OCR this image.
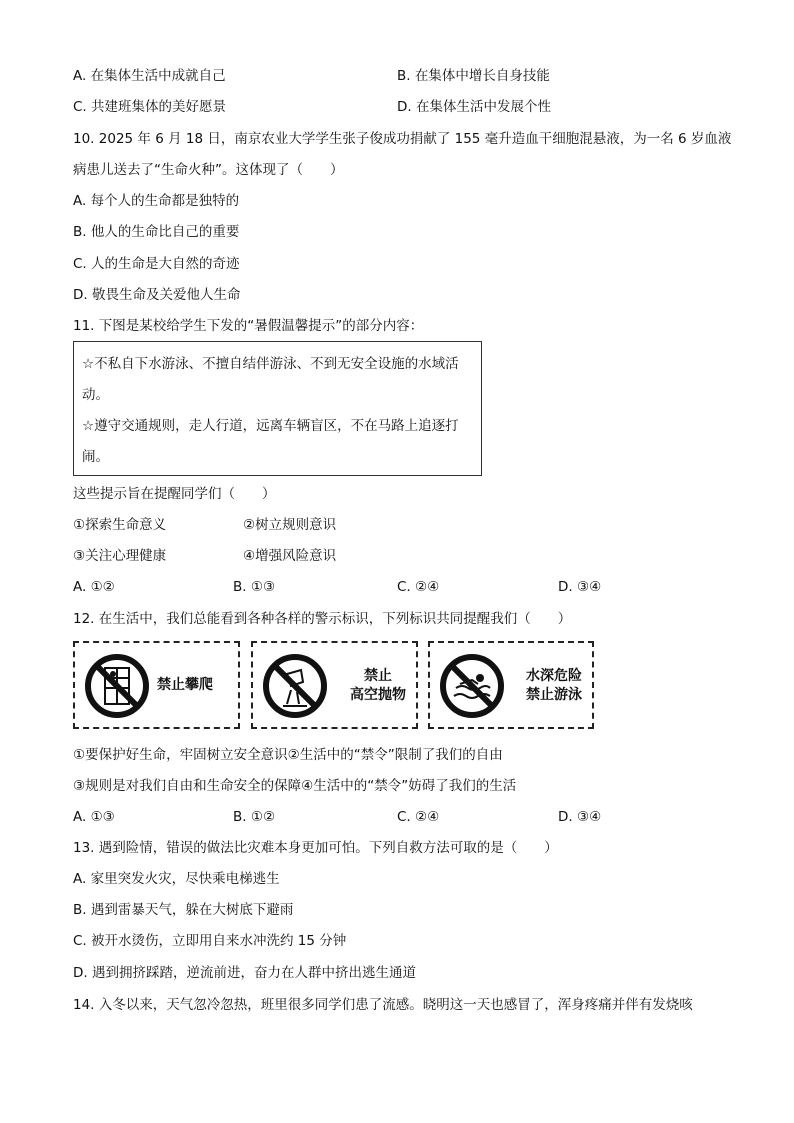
A. 在集体生活中成就自己	B. 在集体中增长自身技能
C. 共建班集体的美好愿景	D. 在集体生活中发展个性
10. 2025 年 6 月 18 日，南京农业大学学生张子俊成功捐献了 155 毫升造血干细胞混悬液，为一名 6 岁血液
病患儿送去了“生命火种”。这体现了（　　）
A. 每个人的生命都是独特的
B. 他人的生命比自己的重要
C. 人的生命是大自然的奇迹
D. 敬畏生命及关爱他人生命
11. 下图是某校给学生下发的“暑假温馨提示”的部分内容：
☆不私自下水游泳、不擅自结伴游泳、不到无安全设施的水域活
动。
☆遵守交通规则，走人行道，远离车辆盲区，不在马路上追逐打
闹。
这些提示旨在提醒同学们（　　）
①探索生命意义	②树立规则意识
③关注心理健康	④增强风险意识
A. ①②	B. ①③	C. ②④	D. ③④
12. 在生活中，我们总能看到各种各样的警示标识，下列标识共同提醒我们（　　）
禁止攀爬
禁止
高空抛物
水深危险
禁止游泳
①要保护好生命，牢固树立安全意识②生活中的“禁令”限制了我们的自由
③规则是对我们自由和生命安全的保障④生活中的“禁令”妨碍了我们的生活
A. ①③	B. ①②	C. ②④	D. ③④
13. 遇到险情，错误的做法比灾难本身更加可怕。下列自救方法可取的是（　　）
A. 家里突发火灾，尽快乘电梯逃生
B. 遇到雷暴天气，躲在大树底下避雨
C. 被开水烫伤，立即用自来水冲洗约 15 分钟
D. 遇到拥挤踩踏，逆流前进，奋力在人群中挤出逃生通道
14. 入冬以来，天气忽冷忽热，班里很多同学们患了流感。晓明这一天也感冒了，浑身疼痛并伴有发烧咳
